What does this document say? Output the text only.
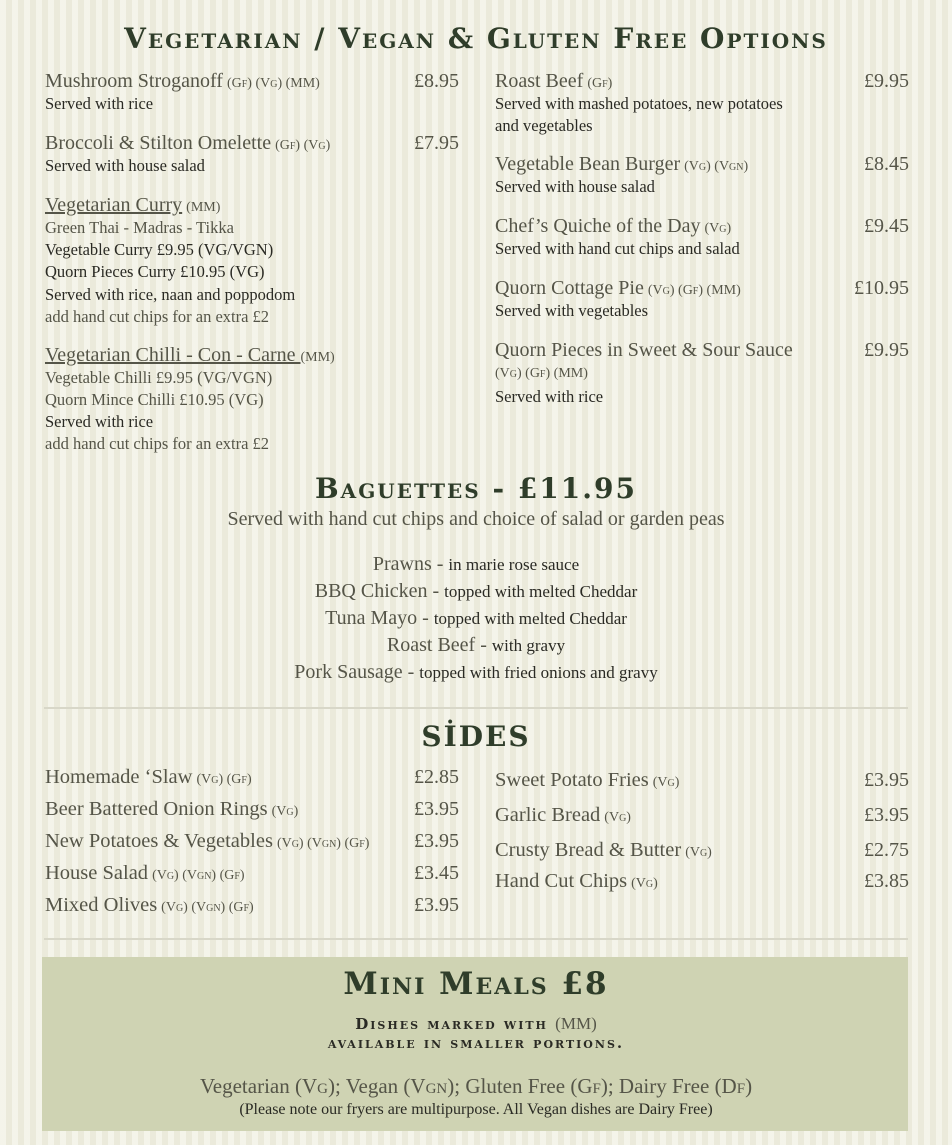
Vegetarian / Vegan & Gluten Free Options
Mushroom Stroganoff (Gf) (Vg) (MM)	£8.95
Served with rice
Broccoli & Stilton Omelette (Gf) (Vg)	£7.95
Served with house salad
Vegetarian Curry (MM)
Green Thai - Madras - Tikka
Vegetable Curry £9.95 (VG/VGN)
Quorn Pieces Curry £10.95 (VG)
Served with rice, naan and poppodom
add hand cut chips for an extra £2
Vegetarian Chilli - Con - Carne (MM)
Vegetable Chilli £9.95 (VG/VGN)
Quorn Mince Chilli £10.95 (VG)
Served with rice
add hand cut chips for an extra £2
Roast Beef (Gf)	£9.95
Served with mashed potatoes, new potatoes
and vegetables
Vegetable Bean Burger (Vg) (Vgn)	£8.45
Served with house salad
Chef’s Quiche of the Day (Vg)	£9.45
Served with hand cut chips and salad
Quorn Cottage Pie (Vg) (Gf) (MM)	£10.95
Served with vegetables
Quorn Pieces in Sweet & Sour Sauce	£9.95
(Vg) (Gf) (MM)
Served with rice
Baguettes - £11.95
Served with hand cut chips and choice of salad or garden peas
Prawns - in marie rose sauce
BBQ Chicken - topped with melted Cheddar
Tuna Mayo - topped with melted Cheddar
Roast Beef - with gravy
Pork Sausage - topped with fried onions and gravy
SİDES
Homemade ‘Slaw (Vg) (Gf)	£2.85
Beer Battered Onion Rings (Vg)	£3.95
New Potatoes & Vegetables (Vg) (Vgn) (Gf) £3.95
House Salad (Vg) (Vgn) (Gf)	£3.45
Mixed Olives (Vg) (Vgn) (Gf)	£3.95
Sweet Potato Fries (Vg)	£3.95
Garlic Bread (Vg)	£3.95
Crusty Bread & Butter (Vg)	£2.75
Hand Cut Chips (Vg)	£3.85
Mini Meals £8
Dishes marked with (MM)
available in smaller portions.
Vegetarian (Vg); Vegan (Vgn); Gluten Free (Gf); Dairy Free (Df)
(Please note our fryers are multipurpose. All Vegan dishes are Dairy Free)
